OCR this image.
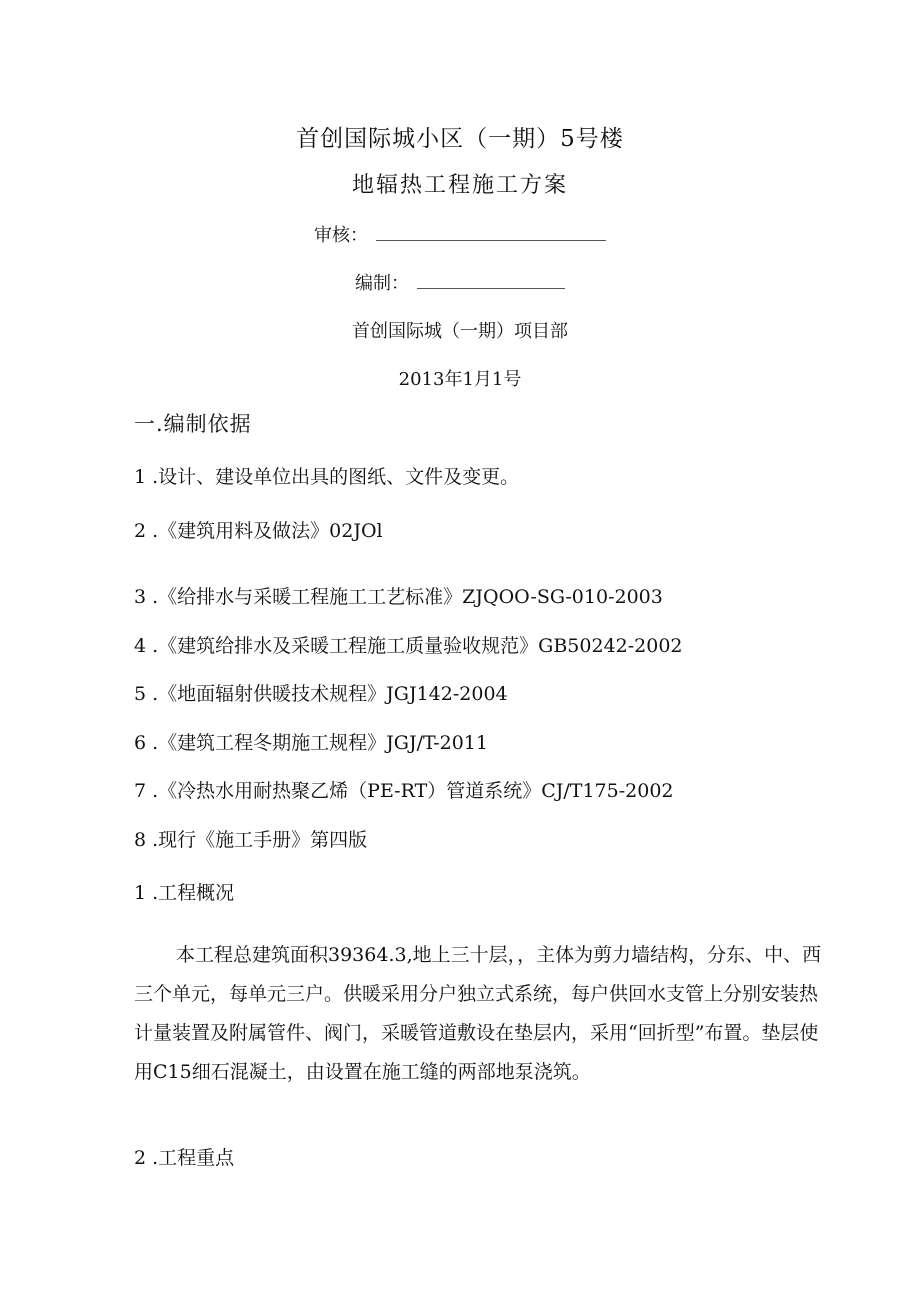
首创国际城小区（一期）5号楼
地辐热工程施工方案
审核：
编制：
首创国际城（一期）项目部
2013年1月1号
一.编制依据
1 .设计、建设单位出具的图纸、文件及变更。
2 .《建筑用料及做法》02JOl
3 .《给排水与采暖工程施工工艺标准》ZJQOO-SG-010-2003
4 .《建筑给排水及采暖工程施工质量验收规范》GB50242-2002
5 .《地面辐射供暖技术规程》JGJ142-2004
6 .《建筑工程冬期施工规程》JGJ/T-2011
7 .《冷热水用耐热聚乙烯（PE-RT）管道系统》CJ/T175-2002
8 .现行《施工手册》第四版
1 .工程概况
本工程总建筑面积39364.3,地上三十层，，主体为剪力墙结构，分东、中、西三个单元，每单元三户。供暖采用分户独立式系统，每户供回水支管上分别安装热计量装置及附属管件、阀门，采暖管道敷设在垫层内，采用“回折型”布置。垫层使用C15细石混凝土，由设置在施工缝的两部地泵浇筑。
2 .工程重点
